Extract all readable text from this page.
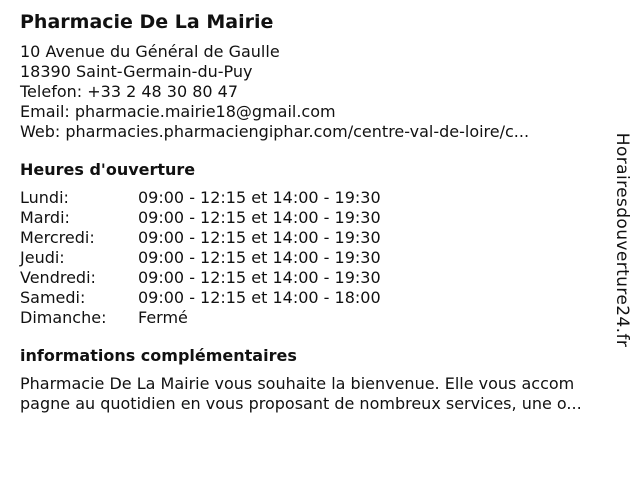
Pharmacie De La Mairie
10 Avenue du Général de Gaulle
18390 Saint-Germain-du-Puy
Telefon: +33 2 48 30 80 47
Email: pharmacie.mairie18@gmail.com
Web: pharmacies.pharmaciengiphar.com/centre-val-de-loire/c...
Heures d'ouverture
Lundi:	09:00 - 12:15 et 14:00 - 19:30
Mardi:	09:00 - 12:15 et 14:00 - 19:30
Mercredi:	09:00 - 12:15 et 14:00 - 19:30
Jeudi:	09:00 - 12:15 et 14:00 - 19:30
Vendredi:	09:00 - 12:15 et 14:00 - 19:30
Samedi:	09:00 - 12:15 et 14:00 - 18:00
Dimanche:	Fermé
informations complémentaires
Pharmacie De La Mairie vous souhaite la bienvenue. Elle vous accom
pagne au quotidien en vous proposant de nombreux services, une o...
Horairesdouverture24.fr
